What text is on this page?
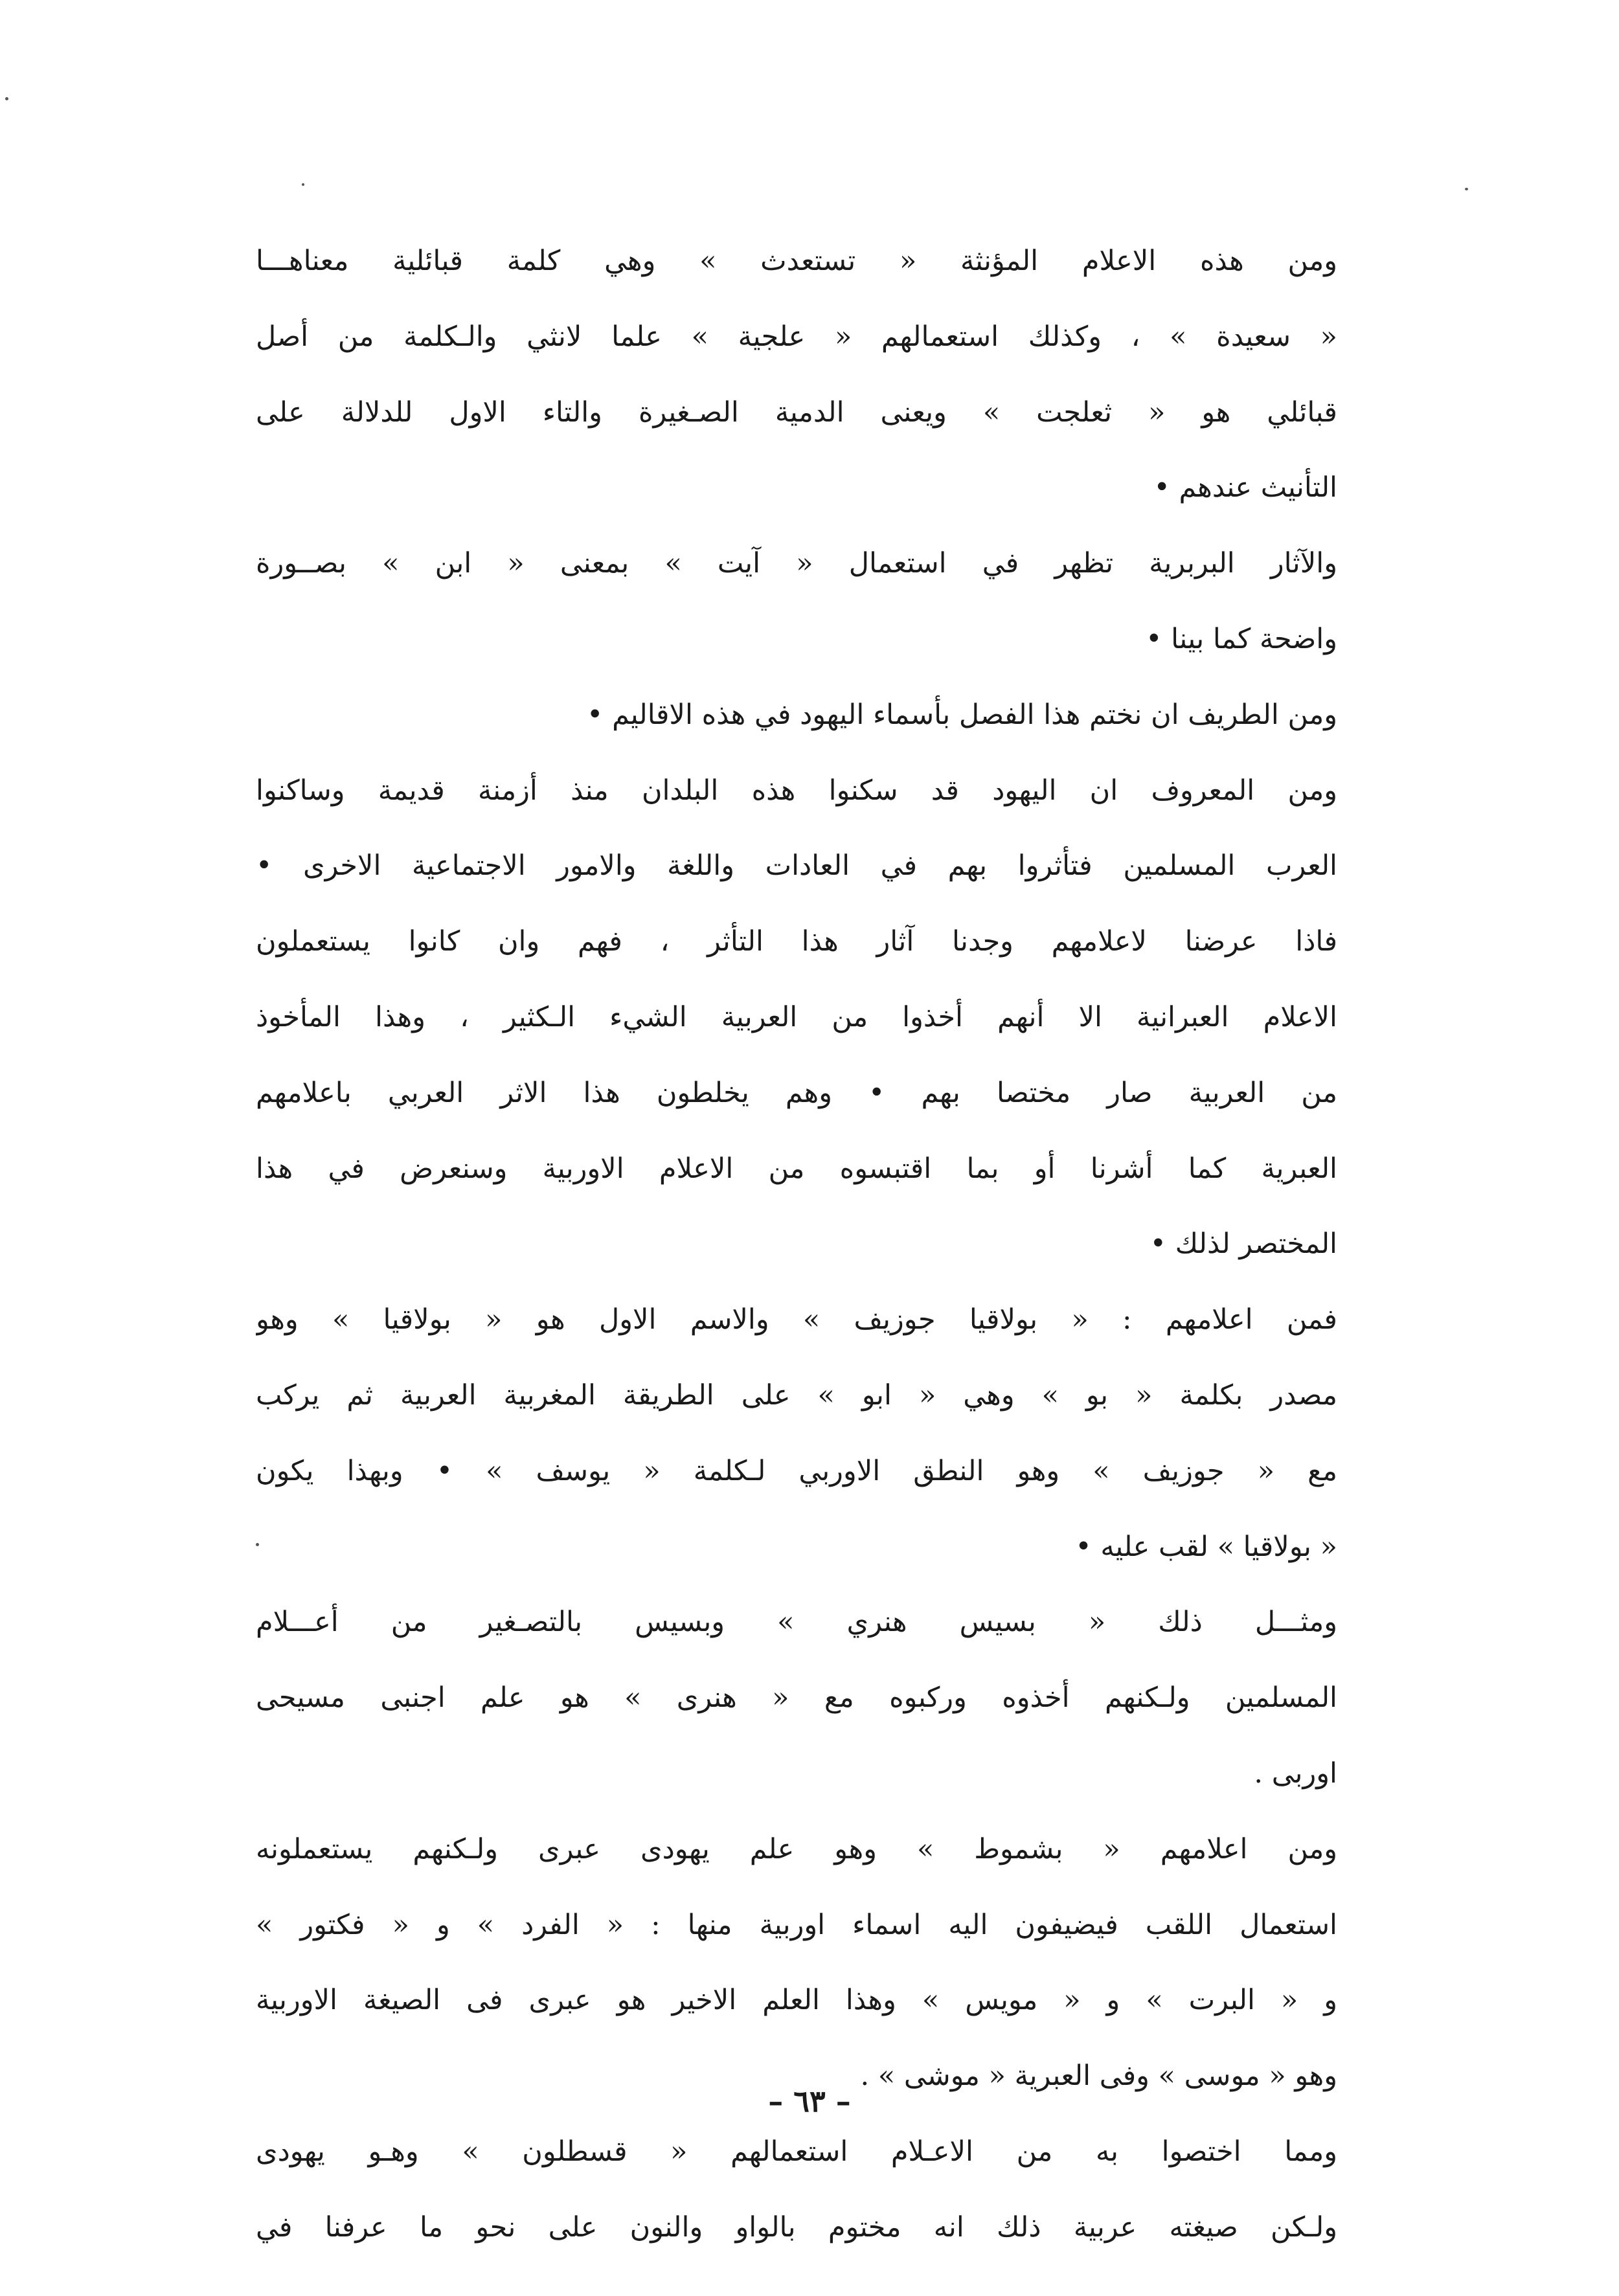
ومن هذه الاعلام المؤنثة « تستعدث » وهي كلمة قبائلية معناهـــا
« سعيدة » ، وكذلك استعمالهم « علجية » علما لانثي والـكلمة من أصل
قبائلي هو « ثعلجت » ويعنى الدمية الصـغيرة والتاء الاول للدلالة على
التأنيث عندهم •
والآثار البربرية تظهر في استعمال « آيت » بمعنى « ابن » بصــورة
واضحة كما بينا •
ومن الطريف ان نختم هذا الفصل بأسماء اليهود في هذه الاقاليم •
ومن المعروف ان اليهود قد سكنوا هذه البلدان منذ أزمنة قديمة وساكنوا
العرب المسلمين فتأثروا بهم في العادات واللغة والامور الاجتماعية الاخرى •
فاذا عرضنا لاعلامهم وجدنا آثار هذا التأثر ، فهم وان كانوا يستعملون
الاعلام العبرانية الا أنهم أخذوا من العربية الشيء الـكثير ، وهذا المأخوذ
من العربية صار مختصا بهم • وهم يخلطون هذا الاثر العربي باعلامهم
العبرية كما أشرنا أو بما اقتبسوه من الاعلام الاوربية وسنعرض في هذا
المختصر لذلك •
فمن اعلامهم : « بولاقيا جوزيف » والاسم الاول هو « بولاقيا » وهو
مصدر بكلمة « بو » وهي « ابو » على الطريقة المغربية العربية ثم يركب
مع « جوزيف » وهو النطق الاوربي لـكلمة « يوسف » • وبهذا يكون
« بولاقيا » لقب عليه •
ومثـــل ذلك « بسيس هنري » وبسيس بالتصـغير من أعـــلام
المسلمين ولـكنهم أخذوه وركبوه مع « هنرى » هو علم اجنبى مسيحى
اوربى .
ومن اعلامهم « بشموط » وهو علم يهودى عبرى ولـكنهم يستعملونه
استعمال اللقب فيضيفون اليه اسماء اوربية منها : « الفرد » و « فكتور »
و « البرت » و « مويس » وهذا العلم الاخير هو عبرى فى الصيغة الاوربية
وهو « موسى » وفى العبرية « موشى » .
ومما اختصوا به من الاعـلام استعمالهم « قسطلون » وهـو يهودى
ولـكن صيغته عربية ذلك انه مختوم بالواو والنون على نحو ما عرفنا في
– ٦٣ –
